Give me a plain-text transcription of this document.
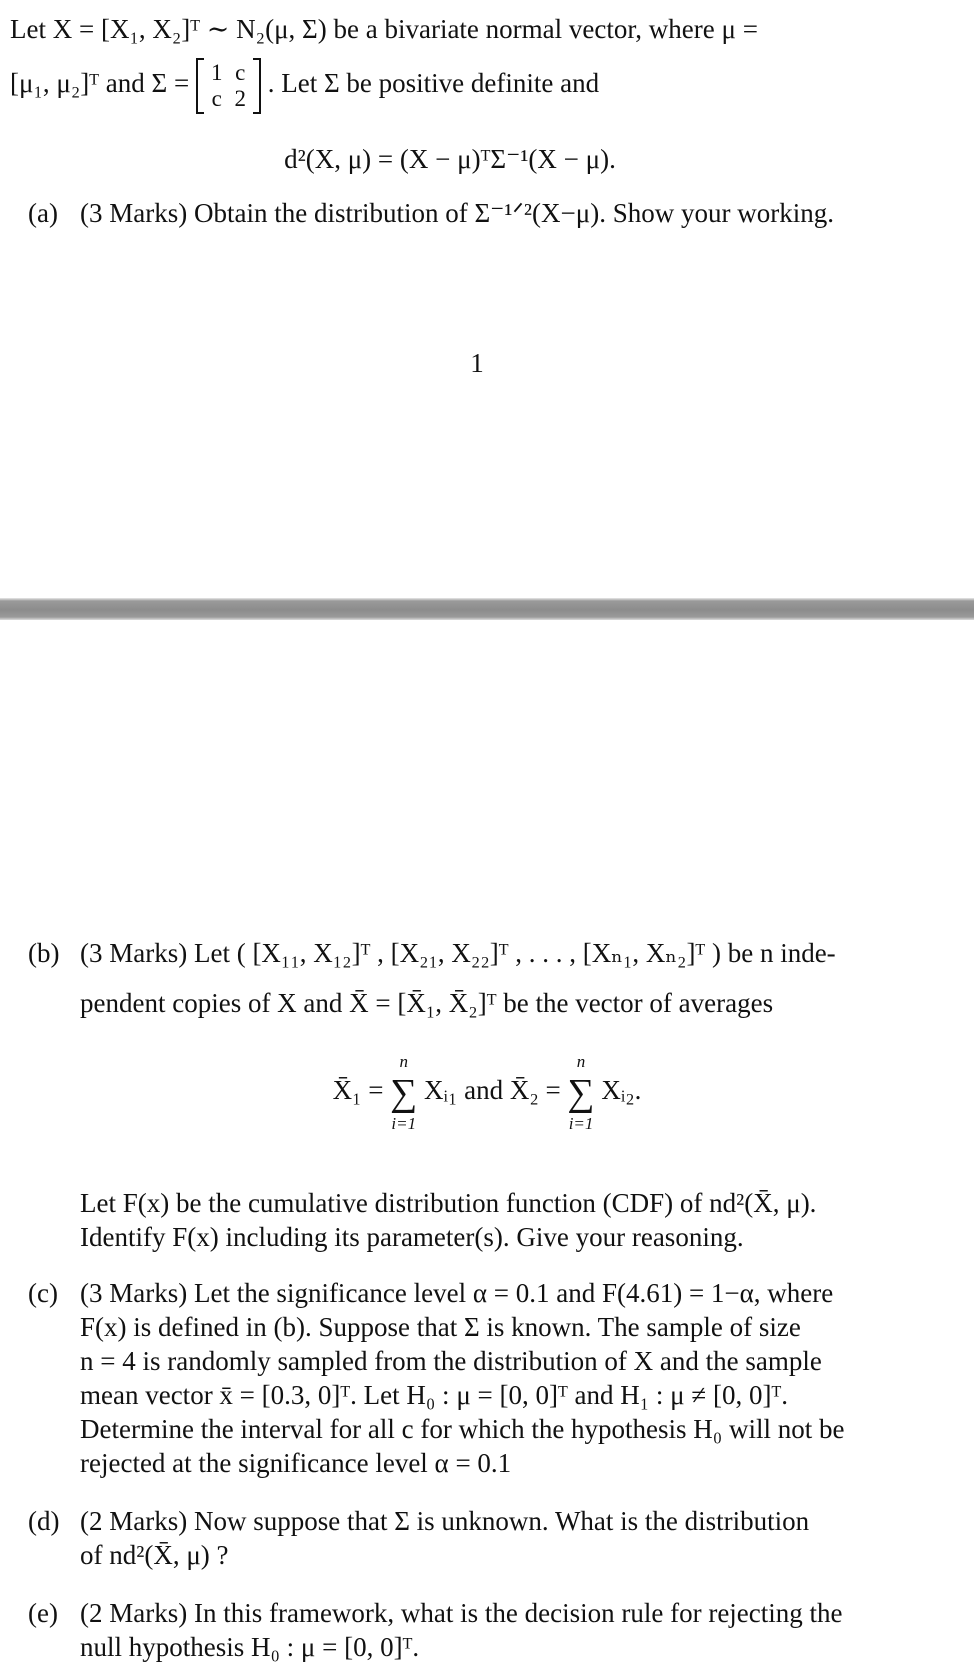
Let X = [X₁, X₂]ᵀ ∼ N₂(μ, Σ) be a bivariate normal vector, where μ =
[μ₁, μ₂]ᵀ and Σ = 1	c
c	2
. Let Σ be positive definite and
d²(X, μ) = (X − μ)ᵀΣ⁻¹(X − μ).
(a) (3 Marks) Obtain the distribution of Σ⁻¹ᐟ²(X−μ). Show your working.
1
(b) (3 Marks) Let ( [X₁₁, X₁₂]ᵀ , [X₂₁, X₂₂]ᵀ , . . . , [Xₙ₁, Xₙ₂]ᵀ ) be n inde-
pendent copies of X and X̄ = [X̄₁, X̄₂]ᵀ be the vector of averages
X̄₁ =
n
∑
i=1
Xᵢ₁ and X̄₂ =
n
∑
i=1
Xᵢ₂.
Let F(x) be the cumulative distribution function (CDF) of nd²(X̄, μ).
Identify F(x) including its parameter(s). Give your reasoning.
(c) (3 Marks) Let the significance level α = 0.1 and F(4.61) = 1−α, where
F(x) is defined in (b). Suppose that Σ is known. The sample of size
n = 4 is randomly sampled from the distribution of X and the sample
mean vector x̄ = [0.3, 0]ᵀ. Let H₀ : μ = [0, 0]ᵀ and H₁ : μ ≠ [0, 0]ᵀ.
Determine the interval for all c for which the hypothesis H₀ will not be
rejected at the significance level α = 0.1
(d) (2 Marks) Now suppose that Σ is unknown. What is the distribution
of nd²(X̄, μ) ?
(e) (2 Marks) In this framework, what is the decision rule for rejecting the
null hypothesis H₀ : μ = [0, 0]ᵀ.
